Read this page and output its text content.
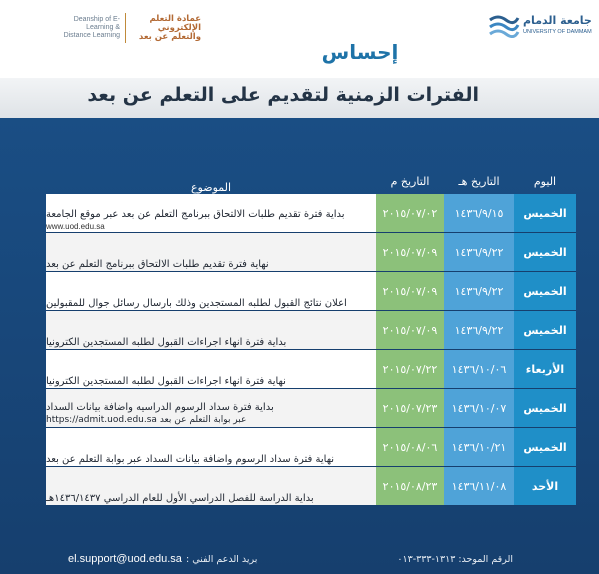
Deanship of E-Learning & Distance Learning
عمادة التعلم الإلكتروني والتعلم عن بعد
إحساس
جامعة الدمام
UNIVERSITY OF DAMMAM
الفترات الزمنية لتقديم على التعلم عن بعد
اليوم
التاريخ هـ
التاريخ م
الموضوع
الخميس
١٤٣٦/٩/١٥
٢٠١٥/٠٧/٠٢
بداية فترة تقديم طلبات الالتحاق ببرنامج التعلم عن بعد عبر موقع الجامعة
www.uod.edu.sa
الخميس
١٤٣٦/٩/٢٢
٢٠١٥/٠٧/٠٩
نهاية فترة تقديم طلبات الالتحاق ببرنامج التعلم عن بعد
الخميس
١٤٣٦/٩/٢٢
٢٠١٥/٠٧/٠٩
اعلان نتائج القبول لطلبه المستجدين وذلك بارسال رسائل جوال للمقبولين
الخميس
١٤٣٦/٩/٢٢
٢٠١٥/٠٧/٠٩
بداية فترة انهاء اجراءات القبول لطلبه المستجدين الكترونيا
الأربعاء
١٤٣٦/١٠/٠٦
٢٠١٥/٠٧/٢٢
نهاية فترة انهاء اجراءات القبول لطلبه المستجدين الكترونيا
الخميس
١٤٣٦/١٠/٠٧
٢٠١٥/٠٧/٢٣
بداية فترة سداد الرسوم الدراسيه واضافة بيانات السداد
عبر بوابة التعلم عن بعد https://admit.uod.edu.sa
الخميس
١٤٣٦/١٠/٢١
٢٠١٥/٠٨/٠٦
نهاية فترة سداد الرسوم واضافة بيانات السداد عبر بوابة التعلم عن بعد
الأحد
١٤٣٦/١١/٠٨
٢٠١٥/٠٨/٢٣
بداية الدراسة للفصل الدراسي الأول للعام الدراسي ١٤٣٦/١٤٣٧هـ
الرقم الموحد: ١٣١٣-٣٣٣-٠١٣
بريد الدعم الفني :
el.support@uod.edu.sa
